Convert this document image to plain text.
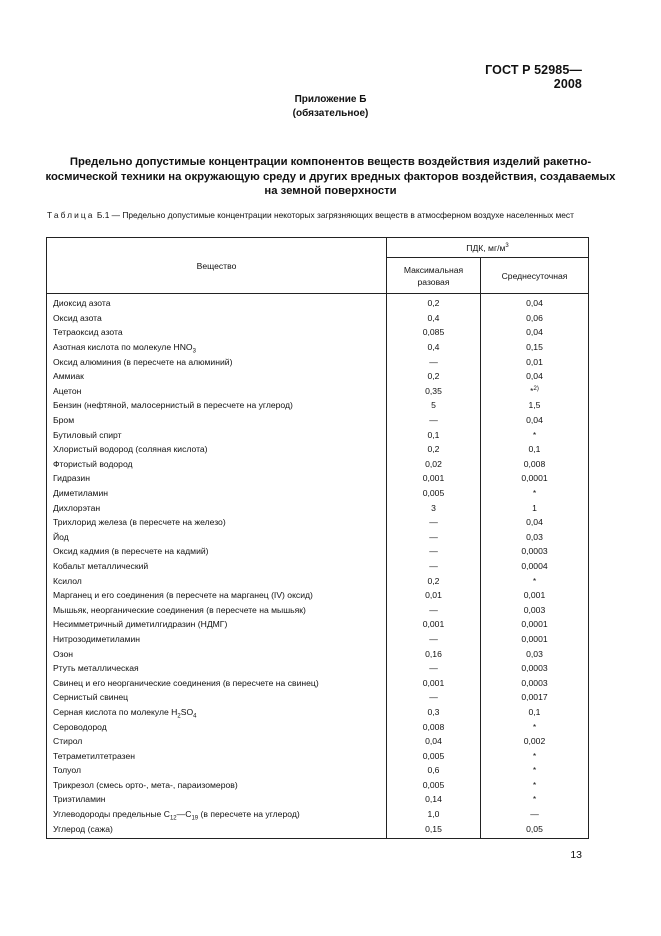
ГОСТ Р 52985—2008
Приложение Б
(обязательное)
Предельно допустимые концентрации компонентов веществ воздействия изделий ракетно-космической техники на окружающую среду и других вредных факторов воздействия, создаваемых на земной поверхности
Таблица Б.1 — Предельно допустимые концентрации некоторых загрязняющих веществ в атмосферном воздухе населенных мест
Вещество	ПДК, $мг/м^3$
	Максимальная разовая	Среднесуточная
Диоксид азота	0,2	0,04
Оксид азота	0,4	0,06
Тетраоксид азота	0,085	0,04
Азотная кислота по молекуле $HNO_3$	0,4	0,15
Оксид алюминия (в пересчете на алюминий)	—	0,01
Аммиак	0,2	0,04
Ацетон	0,35	*$^{2)}$
Бензин (нефтяной, малосернистый в пересчете на углерод)	5	1,5
Бром	—	0,04
Бутиловый спирт	0,1	*
Хлористый водород (соляная кислота)	0,2	0,1
Фтористый водород	0,02	0,008
Гидразин	0,001	0,0001
Диметиламин	0,005	*
Дихлорэтан	3	1
Трихлорид железа (в пересчете на железо)	—	0,04
Йод	—	0,03
Оксид кадмия (в пересчете на кадмий)	—	0,0003
Кобальт металлический	—	0,0004
Ксилол	0,2	*
Марганец и его соединения (в пересчете на марганец (IV) оксид)	0,01	0,001
Мышьяк, неорганические соединения (в пересчете на мышьяк)	—	0,003
Несимметричный диметилгидразин (НДМГ)	0,001	0,0001
Нитрозодиметиламин	—	0,0001
Озон	0,16	0,03
Ртуть металлическая	—	0,0003
Свинец и его неорганические соединения (в пересчете на свинец)	0,001	0,0003
Сернистый свинец	—	0,0017
Серная кислота по молекуле $H_2SO_4$	0,3	0,1
Сероводород	0,008	*
Стирол	0,04	0,002
Тетраметилтетразен	0,005	*
Толуол	0,6	*
Трикрезол (смесь орто-, мета-, параизомеров)	0,005	*
Триэтиламин	0,14	*
Углеводороды предельные $C_{12}—C_{19}$ (в пересчете на углерод)	1,0	—
Углерод (сажа)	0,15	0,05
13
